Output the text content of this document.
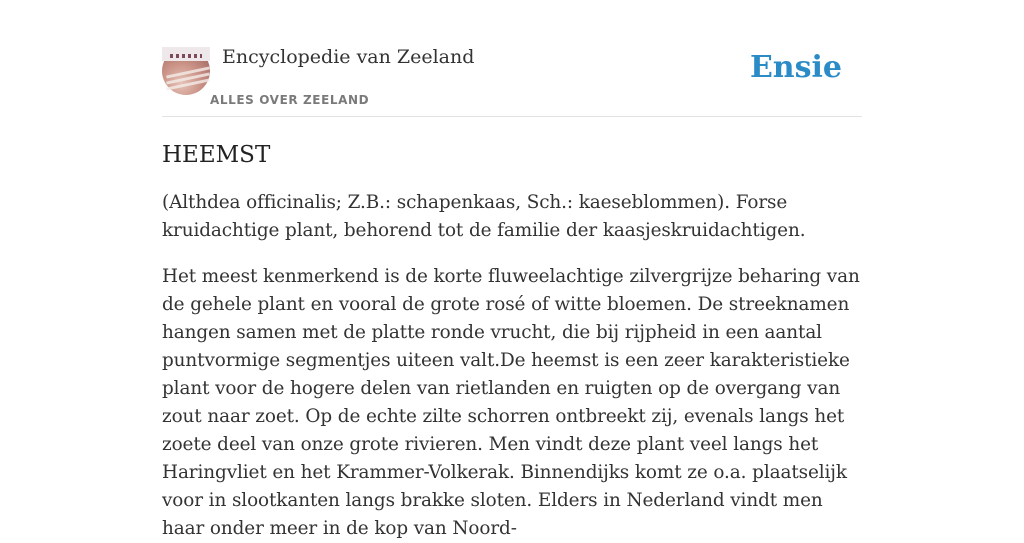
Encyclopedie van Zeeland
ALLES OVER ZEELAND
Ensie
HEEMST

(Althdea officinalis; Z.B.: schapenkaas, Sch.: kaeseblommen). Forse kruidachtige plant, behorend tot de familie der kaasjeskruidachtigen.

Het meest kenmerkend is de korte fluweelachtige zilvergrijze beharing van de gehele plant en vooral de grote rosé of witte bloemen. De streeknamen hangen samen met de platte ronde vrucht, die bij rijpheid in een aantal puntvormige segmentjes uiteen valt.De heemst is een zeer karakteristieke plant voor de hogere delen van rietlanden en ruigten op de overgang van zout naar zoet. Op de echte zilte schorren ontbreekt zij, evenals langs het zoete deel van onze grote rivieren. Men vindt deze plant veel langs het Haringvliet en het Krammer-Volkerak. Binnendijks komt ze o.a. plaatselijk voor in slootkanten langs brakke sloten. Elders in Nederland vindt men haar onder meer in de kop van Noord-
